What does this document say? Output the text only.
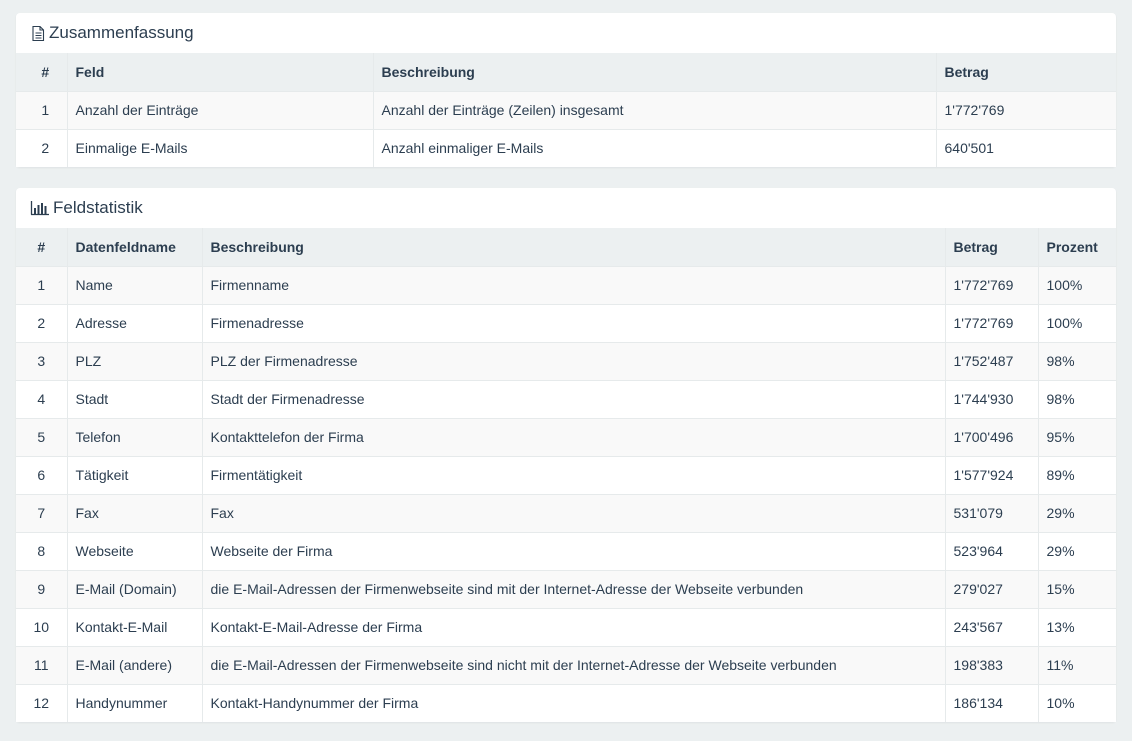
Zusammenfassung
#	Feld	Beschreibung	Betrag
1	Anzahl der Einträge	Anzahl der Einträge (Zeilen) insgesamt	1'772'769
2	Einmalige E-Mails	Anzahl einmaliger E-Mails	640'501
Feldstatistik
#	Datenfeldname	Beschreibung	Betrag	Prozent
1	Name	Firmenname	1'772'769	100%
2	Adresse	Firmenadresse	1'772'769	100%
3	PLZ	PLZ der Firmenadresse	1'752'487	98%
4	Stadt	Stadt der Firmenadresse	1'744'930	98%
5	Telefon	Kontakttelefon der Firma	1'700'496	95%
6	Tätigkeit	Firmentätigkeit	1'577'924	89%
7	Fax	Fax	531'079	29%
8	Webseite	Webseite der Firma	523'964	29%
9	E-Mail (Domain)	die E-Mail-Adressen der Firmenwebseite sind mit der Internet-Adresse der Webseite verbunden	279'027	15%
10	Kontakt-E-Mail	Kontakt-E-Mail-Adresse der Firma	243'567	13%
11	E-Mail (andere)	die E-Mail-Adressen der Firmenwebseite sind nicht mit der Internet-Adresse der Webseite verbunden	198'383	11%
12	Handynummer	Kontakt-Handynummer der Firma	186'134	10%
